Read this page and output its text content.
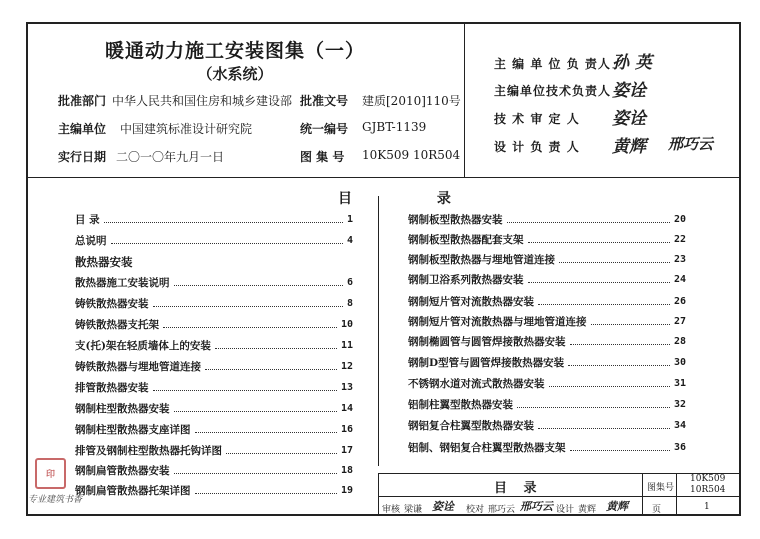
暖通动力施工安装图集（一）
（水系统）
批准部门 中华人民共和国住房和城乡建设部 批准文号 建质[2010]110号
主编单位 中国建筑标准设计研究院	统一编号 GJBT-1139
实行日期 二〇一〇年九月一日	图 集 号 10K509 10R504
主 编 单 位 负 责人 孙 英
主编单位技术负责人 姿诠
技 术 审 定 人 姿诠
设 计 负 责 人 黄辉 邢巧云
目 录
目 录	1
总说明	4
散热器安装
散热器施工安装说明	6
铸铁散热器安装	8
铸铁散热器支托架	10
支(托)架在轻质墙体上的安装	11
铸铁散热器与埋地管道连接	12
排管散热器安装	13
钢制柱型散热器安装	14
钢制柱型散热器支座详图	16
排管及钢制柱型散热器托钩详图	17
钢制扁管散热器安装	18
钢制扁管散热器托架详图	19
钢制板型散热器安装	20
钢制板型散热器配套支架	22
钢制板型散热器与埋地管道连接	23
钢制卫浴系列散热器安装	24
钢制短片管对流散热器安装	26
钢制短片管对流散热器与埋地管道连接	27
钢制椭圆管与圆管焊接散热器安装	28
钢制D型管与圆管焊接散热器安装	30
不锈钢水道对流式散热器安装	31
铝制柱翼型散热器安装	32
钢铝复合柱翼型散热器安装	34
铝制、钢铝复合柱翼型散热器支架	36
目 录	图集号
10K509
10R504
审核 梁谦 姿诠 校对 邢巧云 邢巧云 设计 黄辉 黄辉	页	1
印
专业建筑书香
